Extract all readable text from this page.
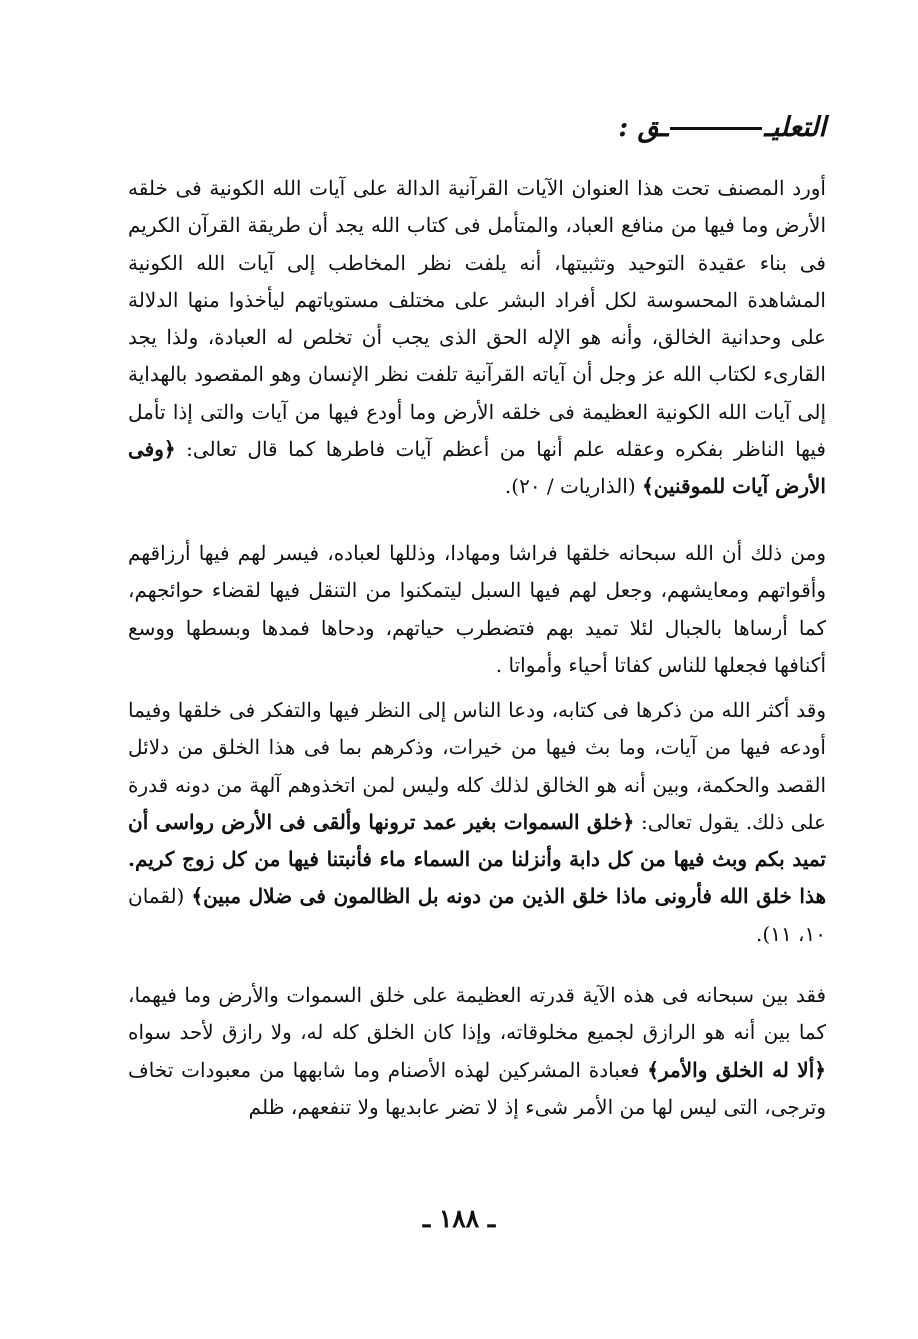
التعليــق :

أورد المصنف تحت هذا العنوان الآيات القرآنية الدالة على آيات الله الكونية فى خلقه الأرض وما فيها من منافع العباد، والمتأمل فى كتاب الله يجد أن طريقة القرآن الكريم فى بناء عقيدة التوحيد وتثبيتها، أنه يلفت نظر المخاطب إلى آيات الله الكونية المشاهدة المحسوسة لكل أفراد البشر على مختلف مستوياتهم ليأخذوا منها الدلالة على وحدانية الخالق، وأنه هو الإله الحق الذى يجب أن تخلص له العبادة، ولذا يجد القارىء لكتاب الله عز وجل أن آياته القرآنية تلفت نظر الإنسان وهو المقصود بالهداية إلى آيات الله الكونية العظيمة فى خلقه الأرض وما أودع فيها من آيات والتى إذا تأمل فيها الناظر بفكره وعقله علم أنها من أعظم آيات فاطرها كما قال تعالى: ﴿وفى الأرض آيات للموقنين﴾ (الذاريات / ٢٠).

ومن ذلك أن الله سبحانه خلقها فراشا ومهادا، وذللها لعباده، فيسر لهم فيها أرزاقهم وأقواتهم ومعايشهم، وجعل لهم فيها السبل ليتمكنوا من التنقل فيها لقضاء حوائجهم، كما أرساها بالجبال لئلا تميد بهم فتضطرب حياتهم، ودحاها فمدها وبسطها ووسع أكنافها فجعلها للناس كفاتا أحياء وأمواتا .

وقد أكثر الله من ذكرها فى كتابه، ودعا الناس إلى النظر فيها والتفكر فى خلقها وفيما أودعه فيها من آيات، وما بث فيها من خيرات، وذكرهم بما فى هذا الخلق من دلائل القصد والحكمة، وبين أنه هو الخالق لذلك كله وليس لمن اتخذوهم آلهة من دونه قدرة على ذلك. يقول تعالى: ﴿خلق السموات بغير عمد ترونها وألقى فى الأرض رواسى أن تميد بكم وبث فيها من كل دابة وأنزلنا من السماء ماء فأنبتنا فيها من كل زوج كريم. هذا خلق الله فأرونى ماذا خلق الذين من دونه بل الظالمون فى ضلال مبين﴾ (لقمان ١٠، ١١).

فقد بين سبحانه فى هذه الآية قدرته العظيمة على خلق السموات والأرض وما فيهما، كما بين أنه هو الرازق لجميع مخلوقاته، وإذا كان الخلق كله له، ولا رازق لأحد سواه ﴿ألا له الخلق والأمر﴾ فعبادة المشركين لهذه الأصنام وما شابهها من معبودات تخاف وترجى، التى ليس لها من الأمر شىء إذ لا تضر عابديها ولا تنفعهم، ظلم

ـ ١٨٨ ـ
